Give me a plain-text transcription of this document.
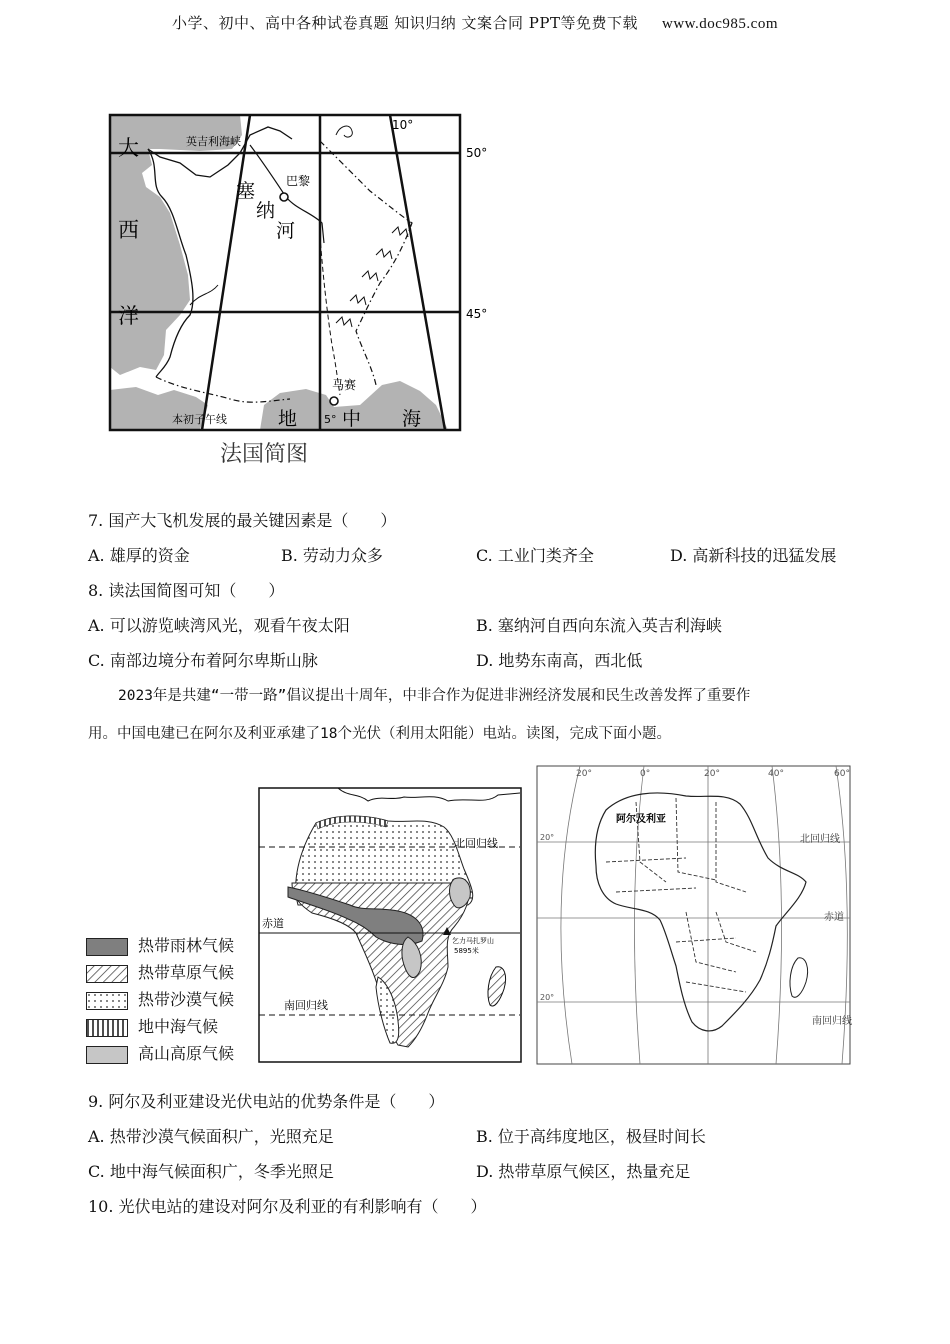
小学、初中、高中各种试卷真题 知识归纳 文案合同 PPT等免费下载 www.doc985.com
大
西
洋
英吉利海峡
巴黎
塞
纳
河
马赛
地 中 海
本初子午线	5°
10°
50°
45°
法国简图
7. 国产大飞机发展的最关键因素是（　　）
A. 雄厚的资金	B. 劳动力众多	C. 工业门类齐全	D. 高新科技的迅猛发展
8. 读法国简图可知（　　）
A. 可以游览峡湾风光，观看午夜太阳	B. 塞纳河自西向东流入英吉利海峡
C. 南部边境分布着阿尔卑斯山脉	D. 地势东南高，西北低
2023年是共建“一带一路”倡议提出十周年，中非合作为促进非洲经济发展和民生改善发挥了重要作
用。中国电建已在阿尔及利亚承建了18个光伏（利用太阳能）电站。读图，完成下面小题。
热带雨林气候
热带草原气候
热带沙漠气候
地中海气候
高山高原气候
北回归线
赤道
南回归线
乞力马扎罗山
5895米
20°	0°	20°	40°	60°
阿尔及利亚
北回归线
赤道
南回归线
20°
20°
9. 阿尔及利亚建设光伏电站的优势条件是（　　）
A. 热带沙漠气候面积广，光照充足	B. 位于高纬度地区，极昼时间长
C. 地中海气候面积广，冬季光照足	D. 热带草原气候区，热量充足
10. 光伏电站的建设对阿尔及利亚的有利影响有（　　）
